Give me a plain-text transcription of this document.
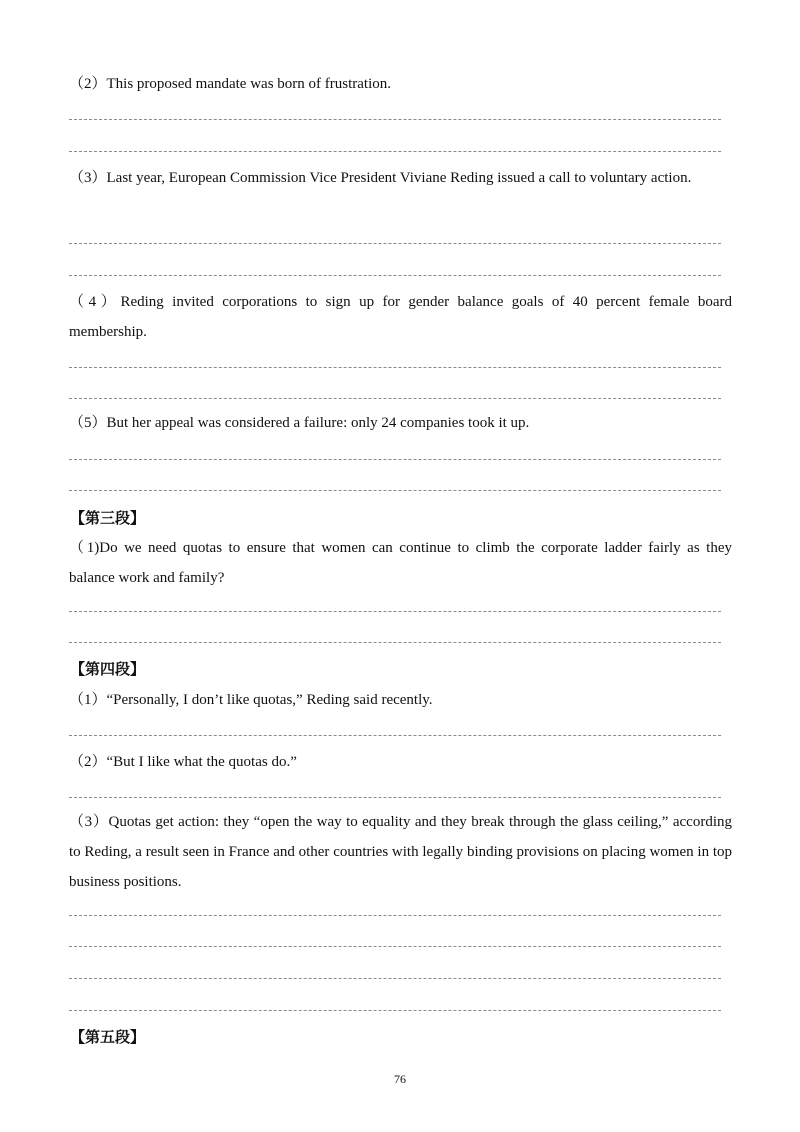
（2）This proposed mandate was born of frustration.
（3）Last year, European Commission Vice President Viviane Reding issued a call to voluntary action.
（4）Reding invited corporations to sign up for gender balance goals of 40 percent female board membership.
（5）But her appeal was considered a failure: only 24 companies took it up.
【第三段】
（1)Do we need quotas to ensure that women can continue to climb the corporate ladder fairly as they balance work and family?
【第四段】
（1）“Personally, I don’t like quotas,” Reding said recently.
（2）“But I like what the quotas do.”
（3）Quotas get action: they “open the way to equality and they break through the glass ceiling,” according to Reding, a result seen in France and other countries with legally binding provisions on placing women in top business positions.
【第五段】
76
